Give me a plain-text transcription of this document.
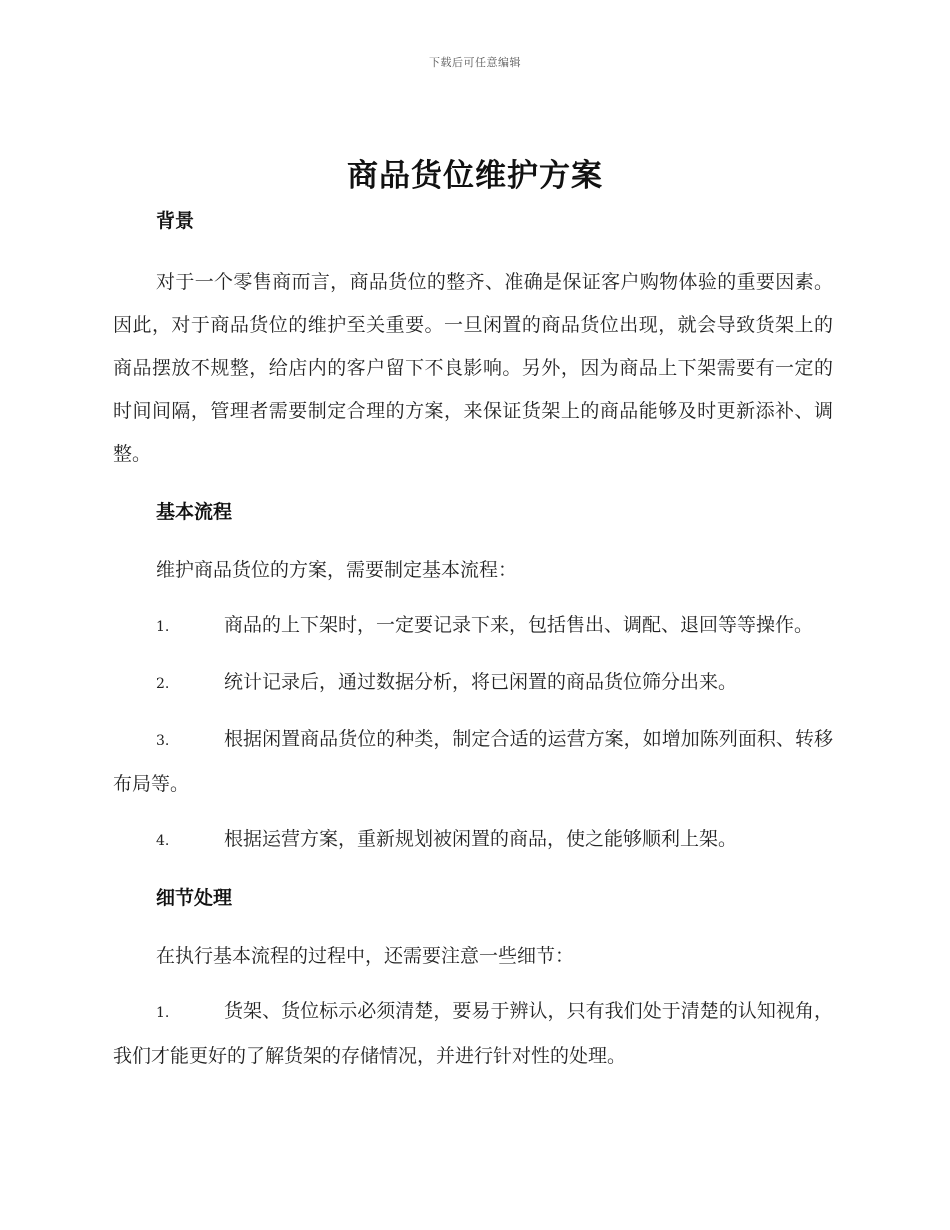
下载后可任意编辑
商品货位维护方案

背景

对于一个零售商而言，商品货位的整齐、准确是保证客户购物体验的重要因素。因此，对于商品货位的维护至关重要。一旦闲置的商品货位出现，就会导致货架上的商品摆放不规整，给店内的客户留下不良影响。另外，因为商品上下架需要有一定的时间间隔，管理者需要制定合理的方案，来保证货架上的商品能够及时更新添补、调整。

基本流程

维护商品货位的方案，需要制定基本流程：

1.	商品的上下架时，一定要记录下来，包括售出、调配、退回等等操作。

2.	统计记录后，通过数据分析，将已闲置的商品货位筛分出来。

3.	根据闲置商品货位的种类，制定合适的运营方案，如增加陈列面积、转移布局等。

4.	根据运营方案，重新规划被闲置的商品，使之能够顺利上架。

细节处理

在执行基本流程的过程中，还需要注意一些细节：

1.	货架、货位标示必须清楚，要易于辨认，只有我们处于清楚的认知视角，我们才能更好的了解货架的存储情况，并进行针对性的处理。
